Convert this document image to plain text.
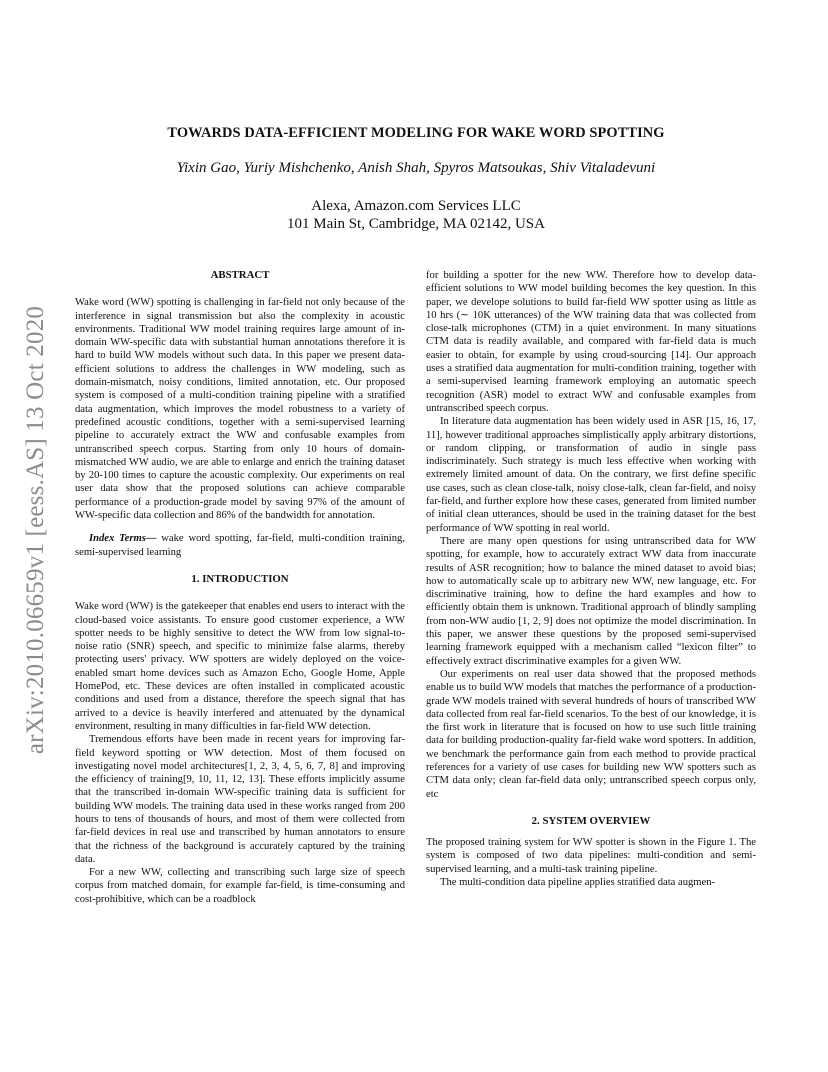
arXiv:2010.06659v1 [eess.AS] 13 Oct 2020
TOWARDS DATA-EFFICIENT MODELING FOR WAKE WORD SPOTTING
Yixin Gao, Yuriy Mishchenko, Anish Shah, Spyros Matsoukas, Shiv Vitaladevuni
Alexa, Amazon.com Services LLC
101 Main St, Cambridge, MA 02142, USA
ABSTRACT

Wake word (WW) spotting is challenging in far-field not only because of the interference in signal transmission but also the complexity in acoustic environments. Traditional WW model training requires large amount of in-domain WW-specific data with substantial human annotations therefore it is hard to build WW models without such data. In this paper we present data-efficient solutions to address the challenges in WW modeling, such as domain-mismatch, noisy conditions, limited annotation, etc. Our proposed system is composed of a multi-condition training pipeline with a stratified data augmentation, which improves the model robustness to a variety of predefined acoustic conditions, together with a semi-supervised learning pipeline to accurately extract the WW and confusable examples from untranscribed speech corpus. Starting from only 10 hours of domain-mismatched WW audio, we are able to enlarge and enrich the training dataset by 20-100 times to capture the acoustic complexity. Our experiments on real user data show that the proposed solutions can achieve comparable performance of a production-grade model by saving 97% of the amount of WW-specific data collection and 86% of the bandwidth for annotation.

Index Terms— wake word spotting, far-field, multi-condition training, semi-supervised learning

1. INTRODUCTION

Wake word (WW) is the gatekeeper that enables end users to interact with the cloud-based voice assistants. To ensure good customer experience, a WW spotter needs to be highly sensitive to detect the WW from low signal-to-noise ratio (SNR) speech, and specific to minimize false alarms, thereby protecting users' privacy. WW spotters are widely deployed on the voice-enabled smart home devices such as Amazon Echo, Google Home, Apple HomePod, etc. These devices are often installed in complicated acoustic conditions and used from a distance, therefore the speech signal that has arrived to a device is heavily interfered and attenuated by the dynamical environment, resulting in many difficulties in far-field WW detection.

Tremendous efforts have been made in recent years for improving far-field keyword spotting or WW detection. Most of them focused on investigating novel model architectures[1, 2, 3, 4, 5, 6, 7, 8] and improving the efficiency of training[9, 10, 11, 12, 13]. These efforts implicitly assume that the transcribed in-domain WW-specific training data is sufficient for building WW models. The training data used in these works ranged from 200 hours to tens of thousands of hours, and most of them were collected from far-field devices in real use and transcribed by human annotators to ensure that the richness of the background is accurately captured by the training data.

For a new WW, collecting and transcribing such large size of speech corpus from matched domain, for example far-field, is time-consuming and cost-prohibitive, which can be a roadblock

for building a spotter for the new WW. Therefore how to develop data-efficient solutions to WW model building becomes the key question. In this paper, we develope solutions to build far-field WW spotter using as little as 10 hrs (∼ 10K utterances) of the WW training data that was collected from close-talk microphones (CTM) in a quiet environment. In many situations CTM data is readily available, and compared with far-field data is much easier to obtain, for example by using croud-sourcing [14]. Our approach uses a stratified data augmentation for multi-condition training, together with a semi-supervised learning framework employing an automatic speech recognition (ASR) model to extract WW and confusable examples from untranscribed speech corpus.

In literature data augmentation has been widely used in ASR [15, 16, 17, 11], however traditional approaches simplistically apply arbitrary distortions, or random clipping, or transformation of audio in single pass indiscriminately. Such strategy is much less effective when working with extremely limited amount of data. On the contrary, we first define specific use cases, such as clean close-talk, noisy close-talk, clean far-field, and noisy far-field, and further explore how these cases, generated from limited number of initial clean utterances, should be used in the training dataset for the best performance of WW spotting in real world.

There are many open questions for using untranscribed data for WW spotting, for example, how to accurately extract WW data from inaccurate results of ASR recognition; how to balance the mined dataset to avoid bias; how to automatically scale up to arbitrary new WW, new language, etc. For discriminative training, how to define the hard examples and how to efficiently obtain them is unknown. Traditional approach of blindly sampling from non-WW audio [1, 2, 9] does not optimize the model discrimination. In this paper, we answer these questions by the proposed semi-supervised learning framework equipped with a mechanism called “lexicon filter” to effectively extract discriminative examples for a given WW.

Our experiments on real user data showed that the proposed methods enable us to build WW models that matches the performance of a production-grade WW models trained with several hundreds of hours of transcribed WW data collected from real far-field scenarios. To the best of our knowledge, it is the first work in literature that is focused on how to use such little training data for building production-quality far-field wake word spotters. In addition, we benchmark the performance gain from each method to provide practical references for a variety of use cases for building new WW spotters such as CTM data only; clean far-field data only; untranscribed speech corpus only, etc

2. SYSTEM OVERVIEW

The proposed training system for WW spotter is shown in the Figure 1. The system is composed of two data pipelines: multi-condition and semi-supervised learning, and a multi-task training pipeline.

The multi-condition data pipeline applies stratified data augmen-
